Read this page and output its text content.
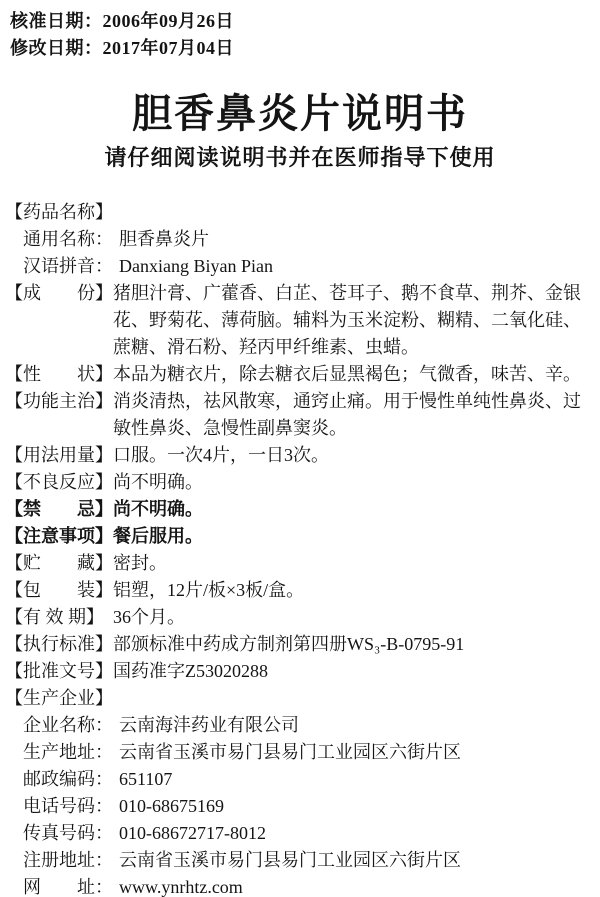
核准日期：2006年09月26日
修改日期：2017年07月04日
胆香鼻炎片说明书
请仔细阅读说明书并在医师指导下使用
【药品名称】
通用名称： 胆香鼻炎片
汉语拼音： Danxiang Biyan Pian
【成　　份】 猪胆汁膏、广藿香、白芷、苍耳子、鹅不食草、荆芥、金银花、野菊花、薄荷脑。辅料为玉米淀粉、糊精、二氧化硅、蔗糖、滑石粉、羟丙甲纤维素、虫蜡。
【性　　状】 本品为糖衣片，除去糖衣后显黑褐色；气微香，味苦、辛。
【功能主治】 消炎清热，祛风散寒，通窍止痛。用于慢性单纯性鼻炎、过敏性鼻炎、急慢性副鼻窦炎。
【用法用量】 口服。一次4片，一日3次。
【不良反应】 尚不明确。
【禁　　忌】 尚不明确。
【注意事项】 餐后服用。
【贮　　藏】 密封。
【包　　装】 铝塑，12片/板×3板/盒。
【有 效 期】 36个月。
【执行标准】 部颁标准中药成方制剂第四册WS₃-B-0795-91
【批准文号】 国药准字Z53020288
【生产企业】
企业名称： 云南海沣药业有限公司
生产地址： 云南省玉溪市易门县易门工业园区六街片区
邮政编码： 651107
电话号码： 010-68675169
传真号码： 010-68672717-8012
注册地址： 云南省玉溪市易门县易门工业园区六街片区
网　　址： www.ynrhtz.com
